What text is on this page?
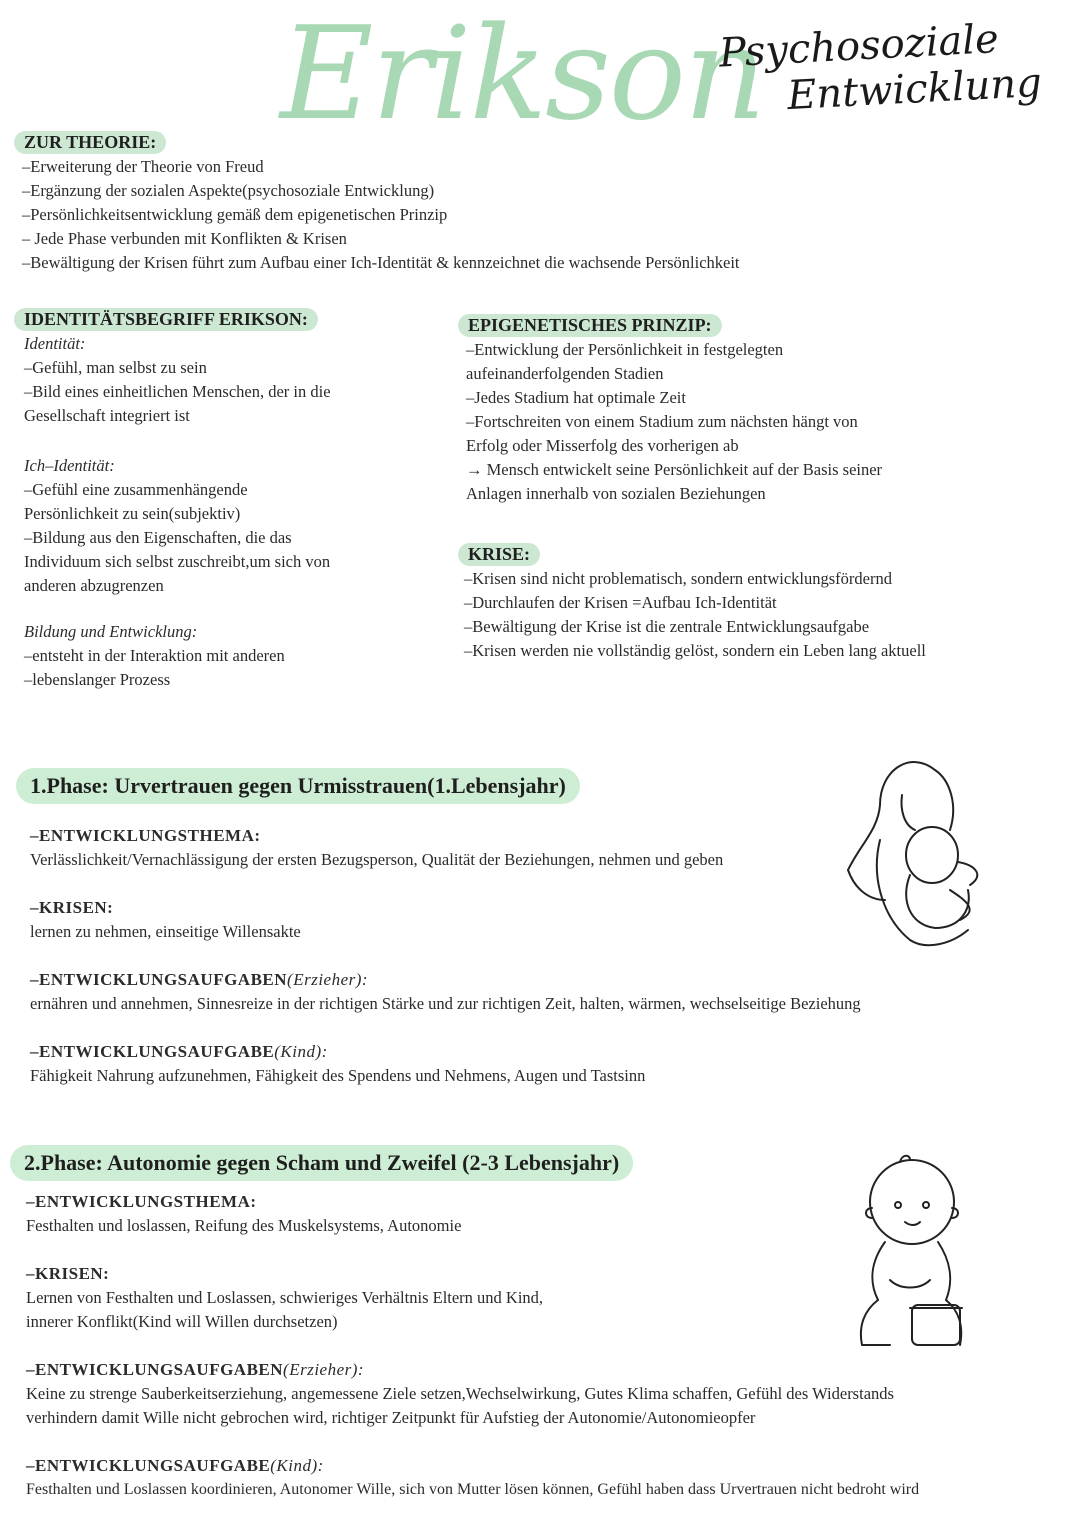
Erikson
Psychosoziale
Entwicklung
ZUR THEORIE:
–Erweiterung der Theorie von Freud
–Ergänzung der sozialen Aspekte(psychosoziale Entwicklung)
–Persönlichkeitsentwicklung gemäß dem epigenetischen Prinzip
– Jede Phase verbunden mit Konflikten & Krisen
–Bewältigung der Krisen führt zum Aufbau einer Ich-Identität & kennzeichnet die wachsende Persönlichkeit
IDENTITÄTSBEGRIFF ERIKSON:
Identität:
–Gefühl, man selbst zu sein
–Bild eines einheitlichen Menschen, der in die
Gesellschaft integriert ist
Ich–Identität:
–Gefühl eine zusammenhängende
Persönlichkeit zu sein(subjektiv)
–Bildung aus den Eigenschaften, die das
Individuum sich selbst zuschreibt,um sich von
anderen abzugrenzen
Bildung und Entwicklung:
–entsteht in der Interaktion mit anderen
–lebenslanger Prozess
EPIGENETISCHES PRINZIP:
–Entwicklung der Persönlichkeit in festgelegten
aufeinanderfolgenden Stadien
–Jedes Stadium hat optimale Zeit
–Fortschreiten von einem Stadium zum nächsten hängt von
Erfolg oder Misserfolg des vorherigen ab
→ Mensch entwickelt seine Persönlichkeit auf der Basis seiner
Anlagen innerhalb von sozialen Beziehungen
KRISE:
–Krisen sind nicht problematisch, sondern entwicklungsfördernd
–Durchlaufen der Krisen =Aufbau Ich-Identität
–Bewältigung der Krise ist die zentrale Entwicklungsaufgabe
–Krisen werden nie vollständig gelöst, sondern ein Leben lang aktuell
1.Phase: Urvertrauen gegen Urmisstrauen(1.Lebensjahr)
–ENTWICKLUNGSTHEMA:
Verlässlichkeit/Vernachlässigung der ersten Bezugsperson, Qualität der Beziehungen, nehmen und geben
–KRISEN:
lernen zu nehmen, einseitige Willensakte
–ENTWICKLUNGSAUFGABEN(Erzieher):
ernähren und annehmen, Sinnesreize in der richtigen Stärke und zur richtigen Zeit, halten, wärmen, wechselseitige Beziehung
–ENTWICKLUNGSAUFGABE(Kind):
Fähigkeit Nahrung aufzunehmen, Fähigkeit des Spendens und Nehmens, Augen und Tastsinn
2.Phase: Autonomie gegen Scham und Zweifel (2-3 Lebensjahr)
–ENTWICKLUNGSTHEMA:
Festhalten und loslassen, Reifung des Muskelsystems, Autonomie
–KRISEN:
Lernen von Festhalten und Loslassen, schwieriges Verhältnis Eltern und Kind,
innerer Konflikt(Kind will Willen durchsetzen)
–ENTWICKLUNGSAUFGABEN(Erzieher):
Keine zu strenge Sauberkeitserziehung, angemessene Ziele setzen,Wechselwirkung, Gutes Klima schaffen, Gefühl des Widerstands
verhindern damit Wille nicht gebrochen wird, richtiger Zeitpunkt für Aufstieg der Autonomie/Autonomieopfer
–ENTWICKLUNGSAUFGABE(Kind):
Festhalten und Loslassen koordinieren, Autonomer Wille, sich von Mutter lösen können, Gefühl haben dass Urvertrauen nicht bedroht wird
